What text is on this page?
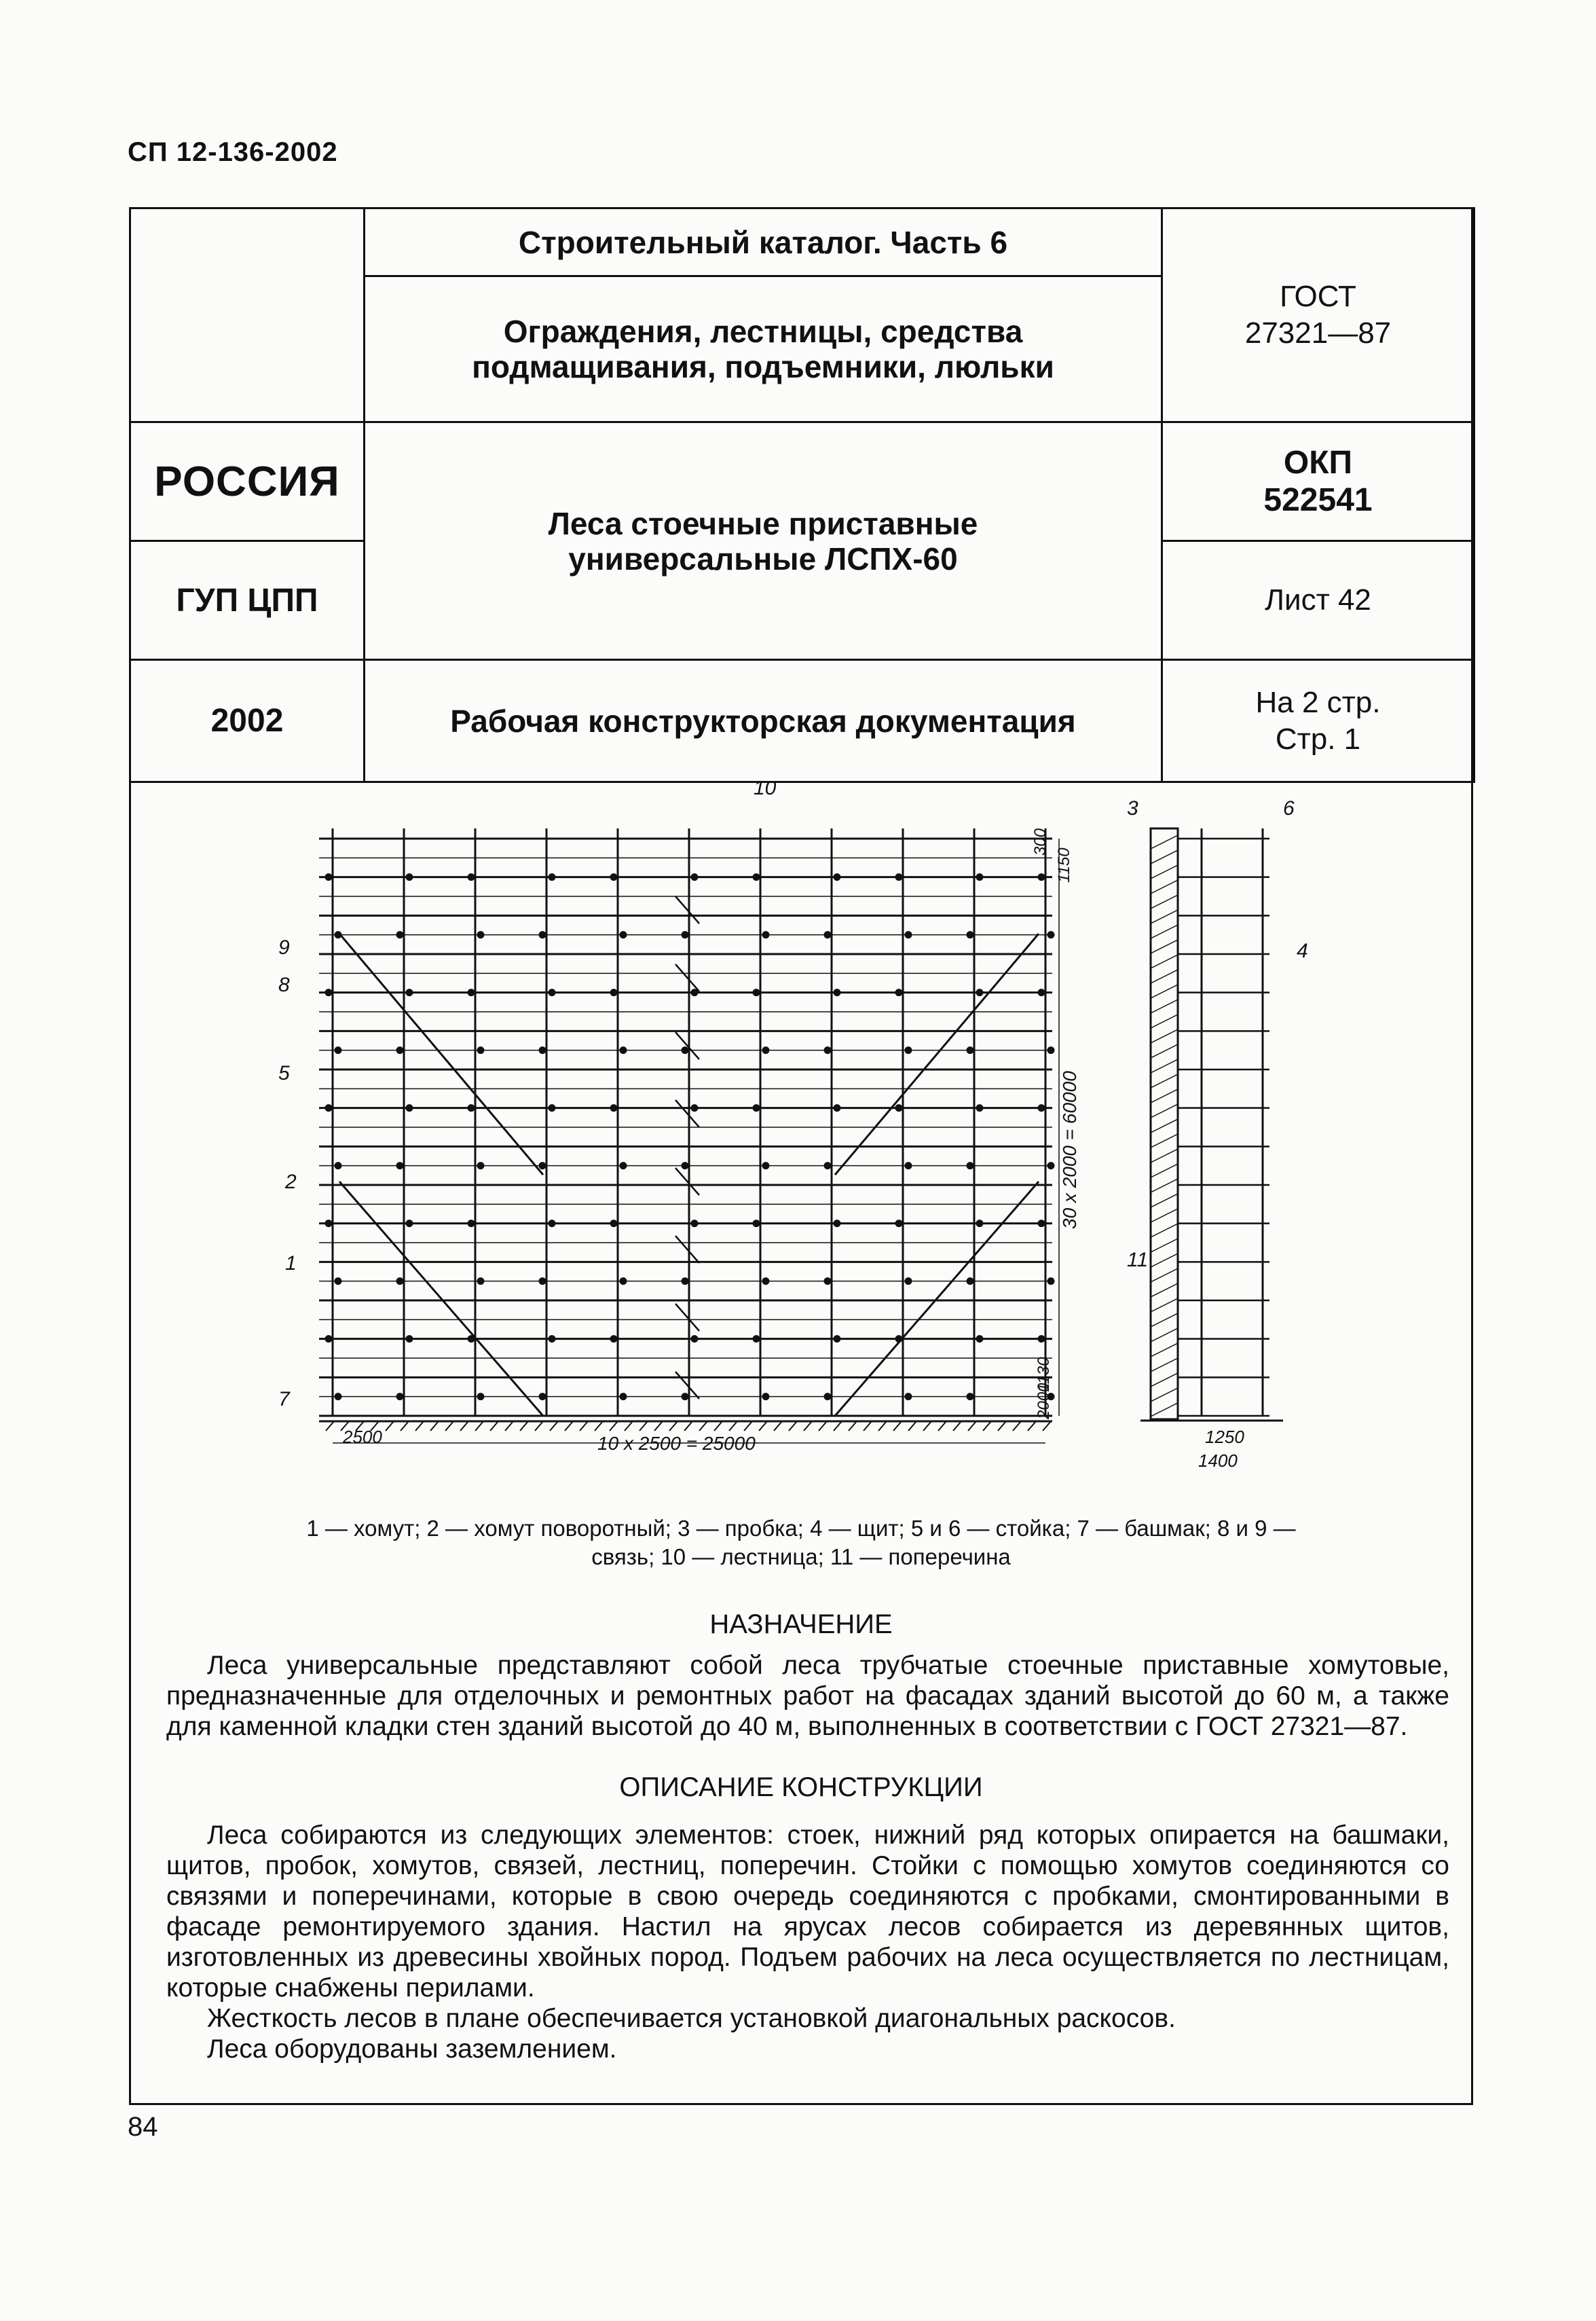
СП 12-136-2002
	Строительный каталог. Часть 6	ГОСТ 27321—87

	Ограждения, лестницы, средства подмащивания, подъемники, люльки	

РОССИЯ	Леса стоечные приставные универсальные ЛСПХ-60	ОКП 522541

ГУП ЦПП		Лист 42
2002	Рабочая конструкторская документация	На 2 стр.
Стр. 1
1
2
3
4
5
6
7
8
9
10
11
30 x 2000 = 60000
10 x 2500 = 25000
2500
300
1150
1130
2000
1250
1400
1 — хомут; 2 — хомут поворотный; 3 — пробка; 4 — щит; 5 и 6 — стойка; 7 — башмак; 8 и 9 — связь; 10 — лестница; 11 — поперечина
НАЗНАЧЕНИЕ

Леса универсальные представляют собой леса трубчатые стоечные приставные хомутовые, предназначенные для отделочных и ремонтных работ на фасадах зданий высотой до 60 м, а также для каменной кладки стен зданий высотой до 40 м, выполненных в соответствии с ГОСТ 27321—87.

ОПИСАНИЕ КОНСТРУКЦИИ

Леса собираются из следующих элементов: стоек, нижний ряд которых опирается на башмаки, щитов, пробок, хомутов, связей, лестниц, поперечин. Стойки с помощью хомутов соединяются со связями и поперечинами, которые в свою очередь соединяются с пробками, смонтированными в фасаде ремонтируемого здания. Настил на ярусах лесов собирается из деревянных щитов, изготовленных из древесины хвойных пород. Подъем рабочих на леса осуществляется по лестницам, которые снабжены перилами.

Жесткость лесов в плане обеспечивается установкой диагональных раскосов.

Леса оборудованы заземлением.

84
